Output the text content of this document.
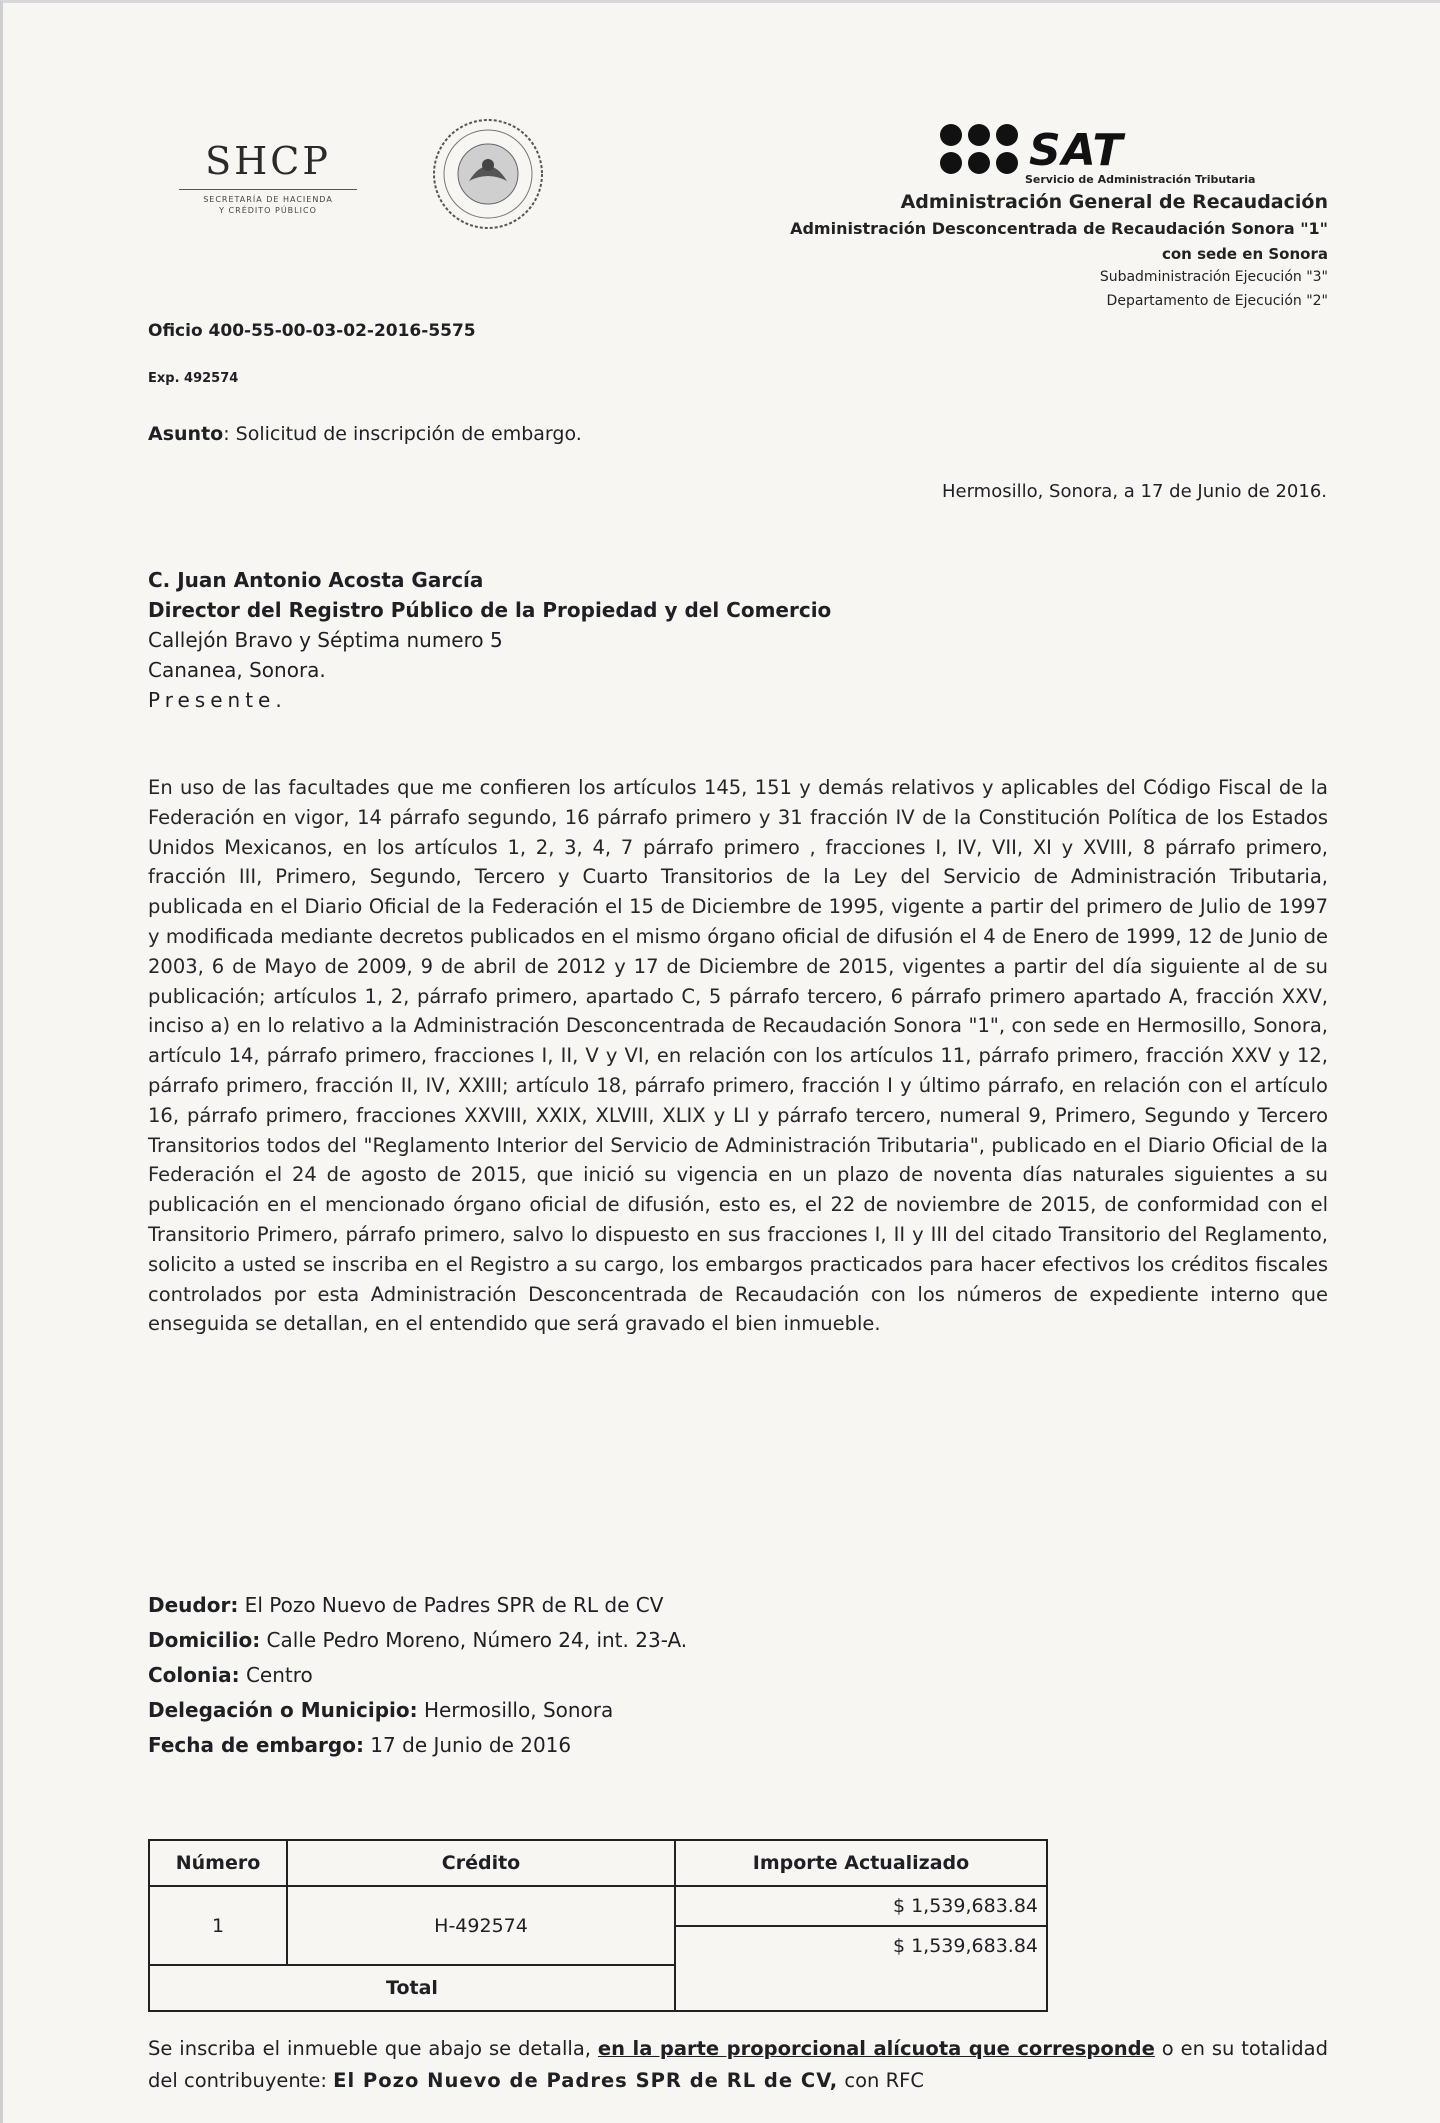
SHCP
SECRETARÍA DE HACIENDA
Y CRÉDITO PÚBLICO
SAT
Servicio de Administración Tributaria
Administración General de Recaudación
Administración Desconcentrada de Recaudación Sonora "1"
con sede en Sonora
Subadministración Ejecución "3"
Departamento de Ejecución "2"
Oficio 400-55-00-03-02-2016-5575
Exp. 492574
Asunto: Solicitud de inscripción de embargo.
Hermosillo, Sonora, a 17 de Junio de 2016.
C. Juan Antonio Acosta García
Director del Registro Público de la Propiedad y del Comercio
Callejón Bravo y Séptima numero 5
Cananea, Sonora.
Presente.
En uso de las facultades que me confieren los artículos 145, 151 y demás relativos y aplicables del Código Fiscal de la Federación en vigor, 14 párrafo segundo, 16 párrafo primero y 31 fracción IV de la Constitución Política de los Estados Unidos Mexicanos, en los artículos 1, 2, 3, 4, 7 párrafo primero , fracciones I, IV, VII, XI y XVIII, 8 párrafo primero, fracción III, Primero, Segundo, Tercero y Cuarto Transitorios de la Ley del Servicio de Administración Tributaria, publicada en el Diario Oficial de la Federación el 15 de Diciembre de 1995, vigente a partir del primero de Julio de 1997 y modificada mediante decretos publicados en el mismo órgano oficial de difusión el 4 de Enero de 1999, 12 de Junio de 2003, 6 de Mayo de 2009, 9 de abril de 2012 y 17 de Diciembre de 2015, vigentes a partir del día siguiente al de su publicación; artículos 1, 2, párrafo primero, apartado C, 5 párrafo tercero, 6 párrafo primero apartado A, fracción XXV, inciso a) en lo relativo a la Administración Desconcentrada de Recaudación Sonora "1", con sede en Hermosillo, Sonora, artículo 14, párrafo primero, fracciones I, II, V y VI, en relación con los artículos 11, párrafo primero, fracción XXV y 12, párrafo primero, fracción II, IV, XXIII; artículo 18, párrafo primero, fracción I y último párrafo, en relación con el artículo 16, párrafo primero, fracciones XXVIII, XXIX, XLVIII, XLIX y LI y párrafo tercero, numeral 9, Primero, Segundo y Tercero Transitorios todos del "Reglamento Interior del Servicio de Administración Tributaria", publicado en el Diario Oficial de la Federación el 24 de agosto de 2015, que inició su vigencia en un plazo de noventa días naturales siguientes a su publicación en el mencionado órgano oficial de difusión, esto es, el 22 de noviembre de 2015, de conformidad con el Transitorio Primero, párrafo primero, salvo lo dispuesto en sus fracciones I, II y III del citado Transitorio del Reglamento, solicito a usted se inscriba en el Registro a su cargo, los embargos practicados para hacer efectivos los créditos fiscales controlados por esta Administración Desconcentrada de Recaudación con los números de expediente interno que enseguida se detallan, en el entendido que será gravado el bien inmueble.
Deudor: El Pozo Nuevo de Padres SPR de RL de CV
Domicilio: Calle Pedro Moreno, Número 24, int. 23-A.
Colonia: Centro
Delegación o Municipio: Hermosillo, Sonora
Fecha de embargo: 17 de Junio de 2016
Número	Crédito	Importe Actualizado
1	H-492574	$ 1,539,683.84
		$ 1,539,683.84
Total		
Se inscriba el inmueble que abajo se detalla, en la parte proporcional alícuota que corresponde o en su totalidad del contribuyente: El Pozo Nuevo de Padres SPR de RL de CV, con RFC
